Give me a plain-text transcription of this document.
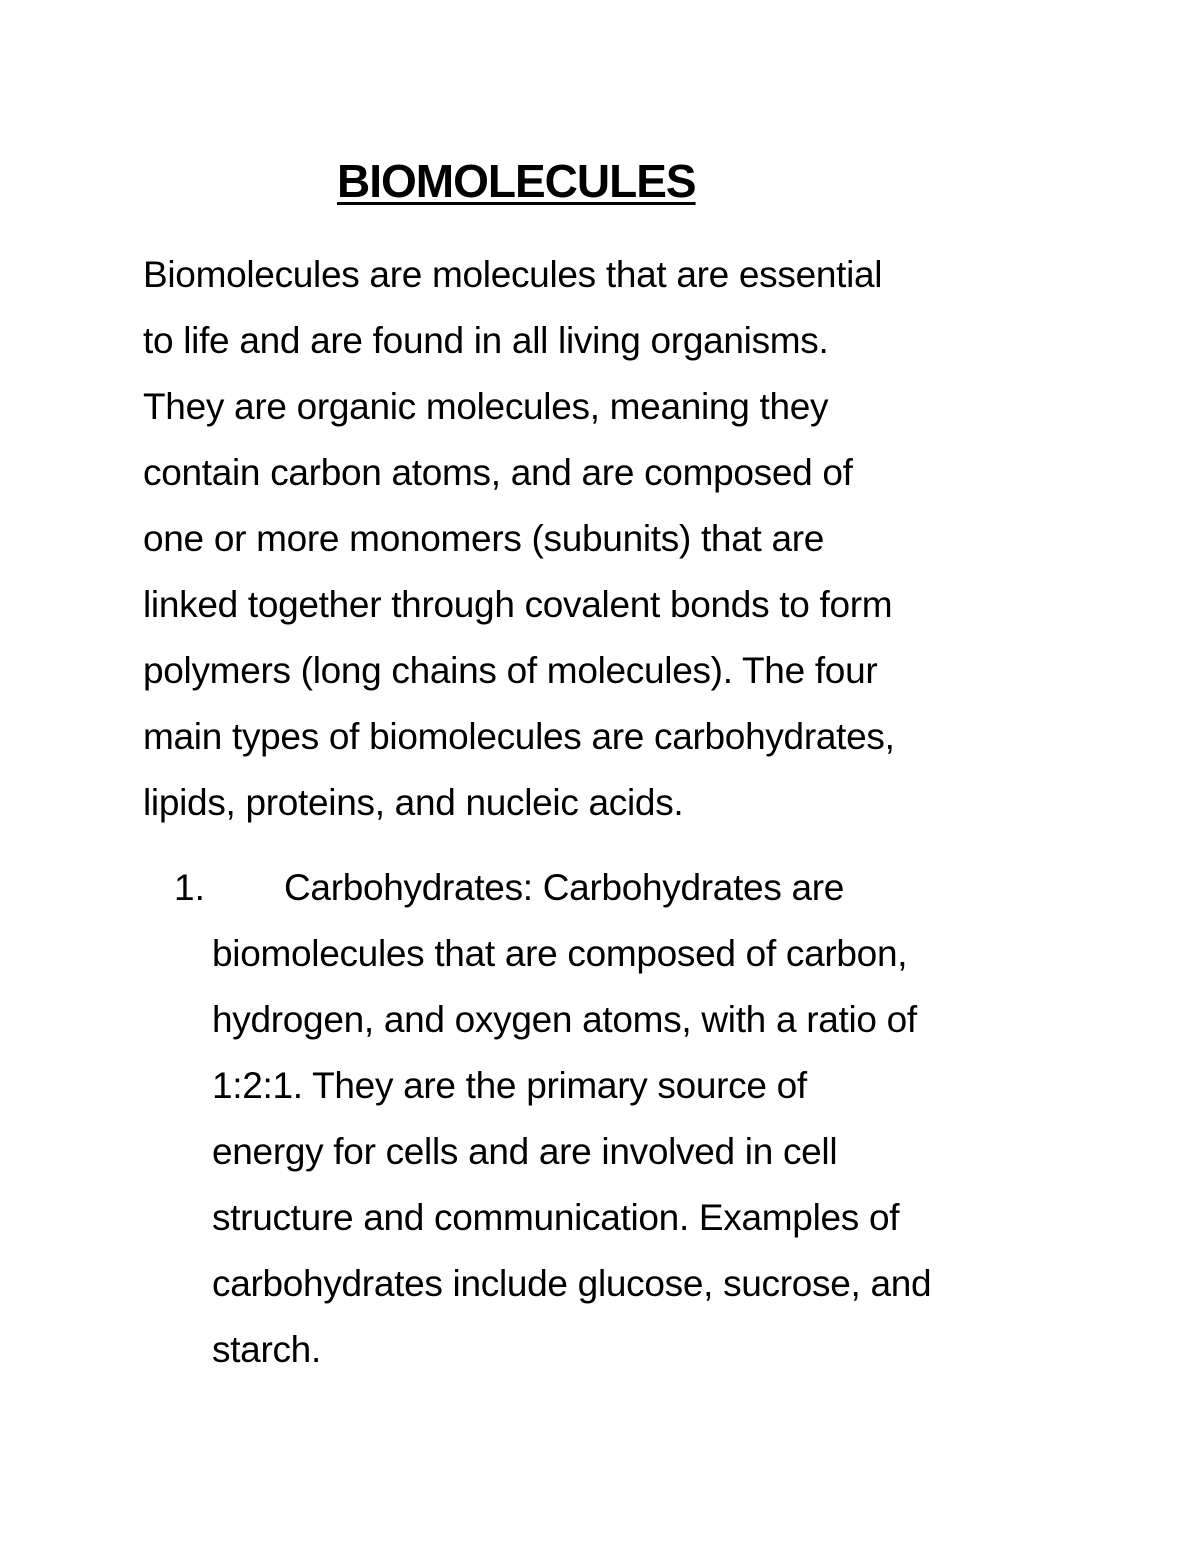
BIOMOLECULES

Biomolecules are molecules that are essential

to life and are found in all living organisms.

They are organic molecules, meaning they

contain carbon atoms, and are composed of

one or more monomers (subunits) that are

linked together through covalent bonds to form

polymers (long chains of molecules). The four

main types of biomolecules are carbohydrates,

lipids, proteins, and nucleic acids.

1. Carbohydrates: Carbohydrates are

biomolecules that are composed of carbon,

hydrogen, and oxygen atoms, with a ratio of

1:2:1. They are the primary source of

energy for cells and are involved in cell

structure and communication. Examples of

carbohydrates include glucose, sucrose, and

starch.
